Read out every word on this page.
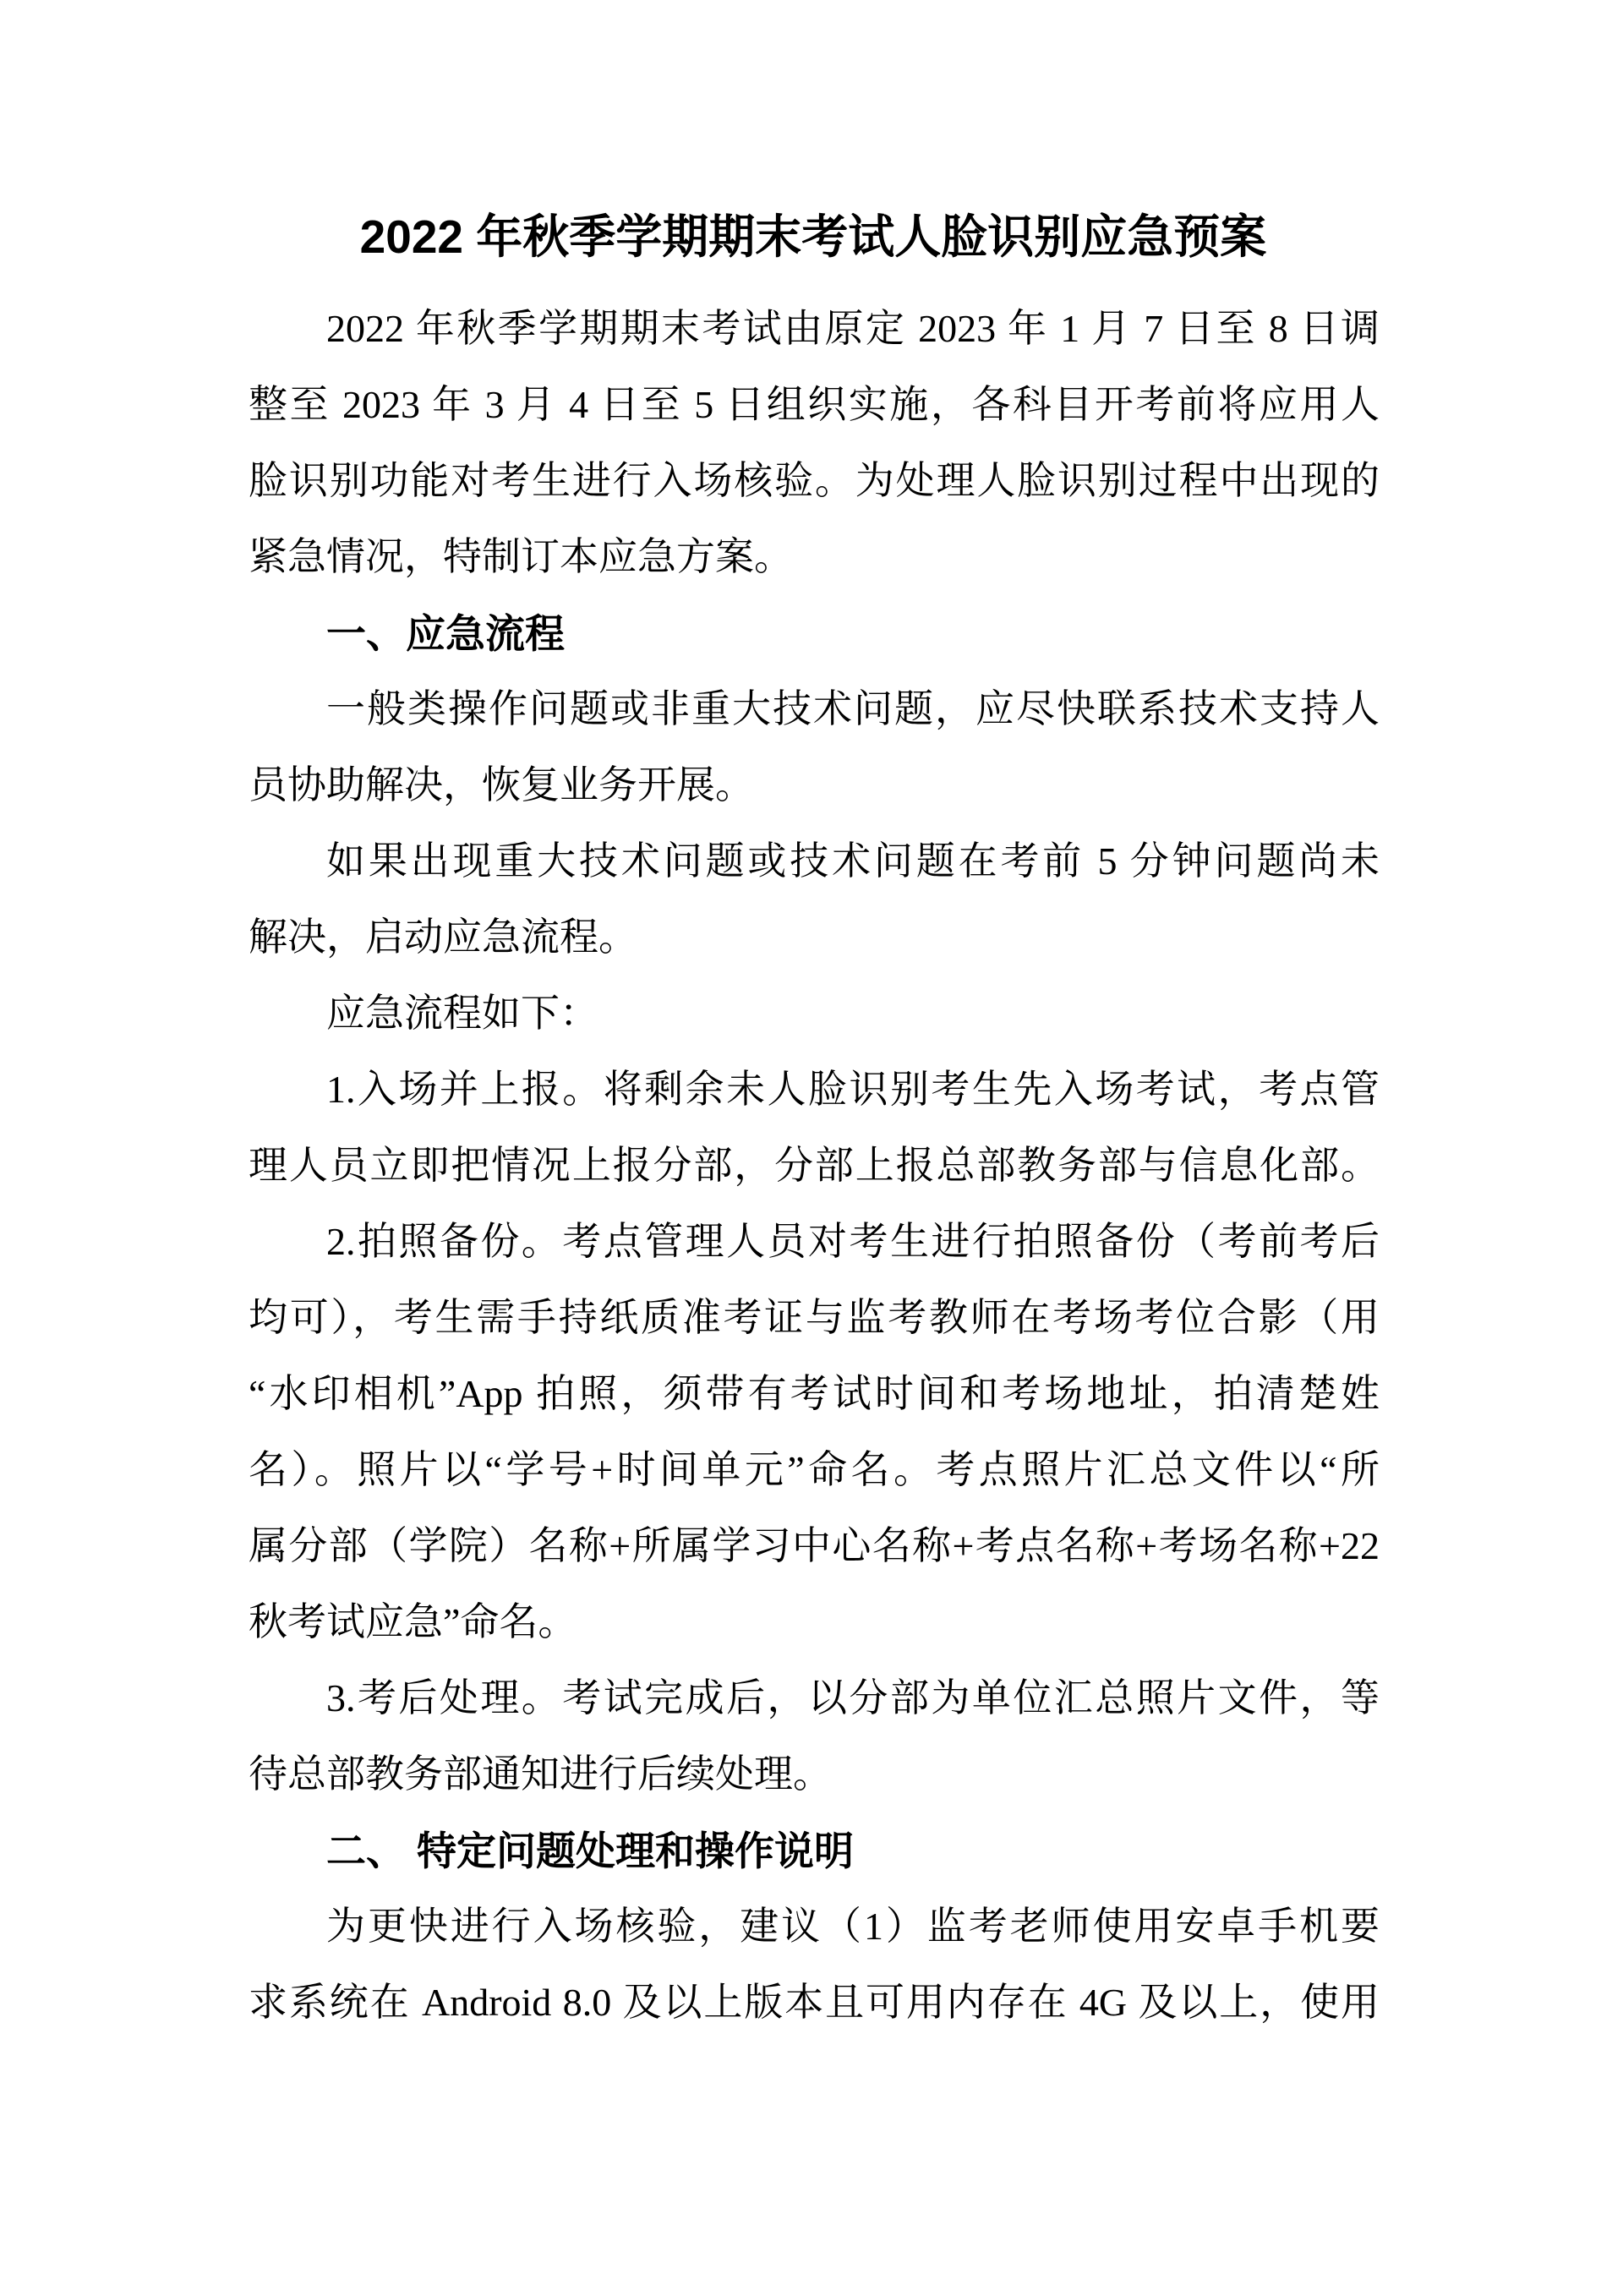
2022 年秋季学期期末考试人脸识别应急预案
2022 年秋季学期期末考试由原定 2023 年 1 月 7 日至 8 日调
整至 2023 年 3 月 4 日至 5 日组织实施，各科目开考前将应用人
脸识别功能对考生进行入场核验。为处理人脸识别过程中出现的
紧急情况，特制订本应急方案。
一、应急流程
一般类操作问题或非重大技术问题，应尽快联系技术支持人
员协助解决，恢复业务开展。
如果出现重大技术问题或技术问题在考前 5 分钟问题尚未
解决，启动应急流程。
应急流程如下：
1.入场并上报。将剩余未人脸识别考生先入场考试，考点管
理人员立即把情况上报分部，分部上报总部教务部与信息化部。
2.拍照备份。考点管理人员对考生进行拍照备份（考前考后
均可），考生需手持纸质准考证与监考教师在考场考位合影（用
“水印相机”App 拍照，须带有考试时间和考场地址，拍清楚姓
名）。照片以“学号+时间单元”命名。考点照片汇总文件以“所
属分部（学院）名称+所属学习中心名称+考点名称+考场名称+22
秋考试应急”命名。
3.考后处理。考试完成后，以分部为单位汇总照片文件，等
待总部教务部通知进行后续处理。
二、 特定问题处理和操作说明
为更快进行入场核验，建议（1）监考老师使用安卓手机要
求系统在 Android 8.0 及以上版本且可用内存在 4G 及以上，使用
